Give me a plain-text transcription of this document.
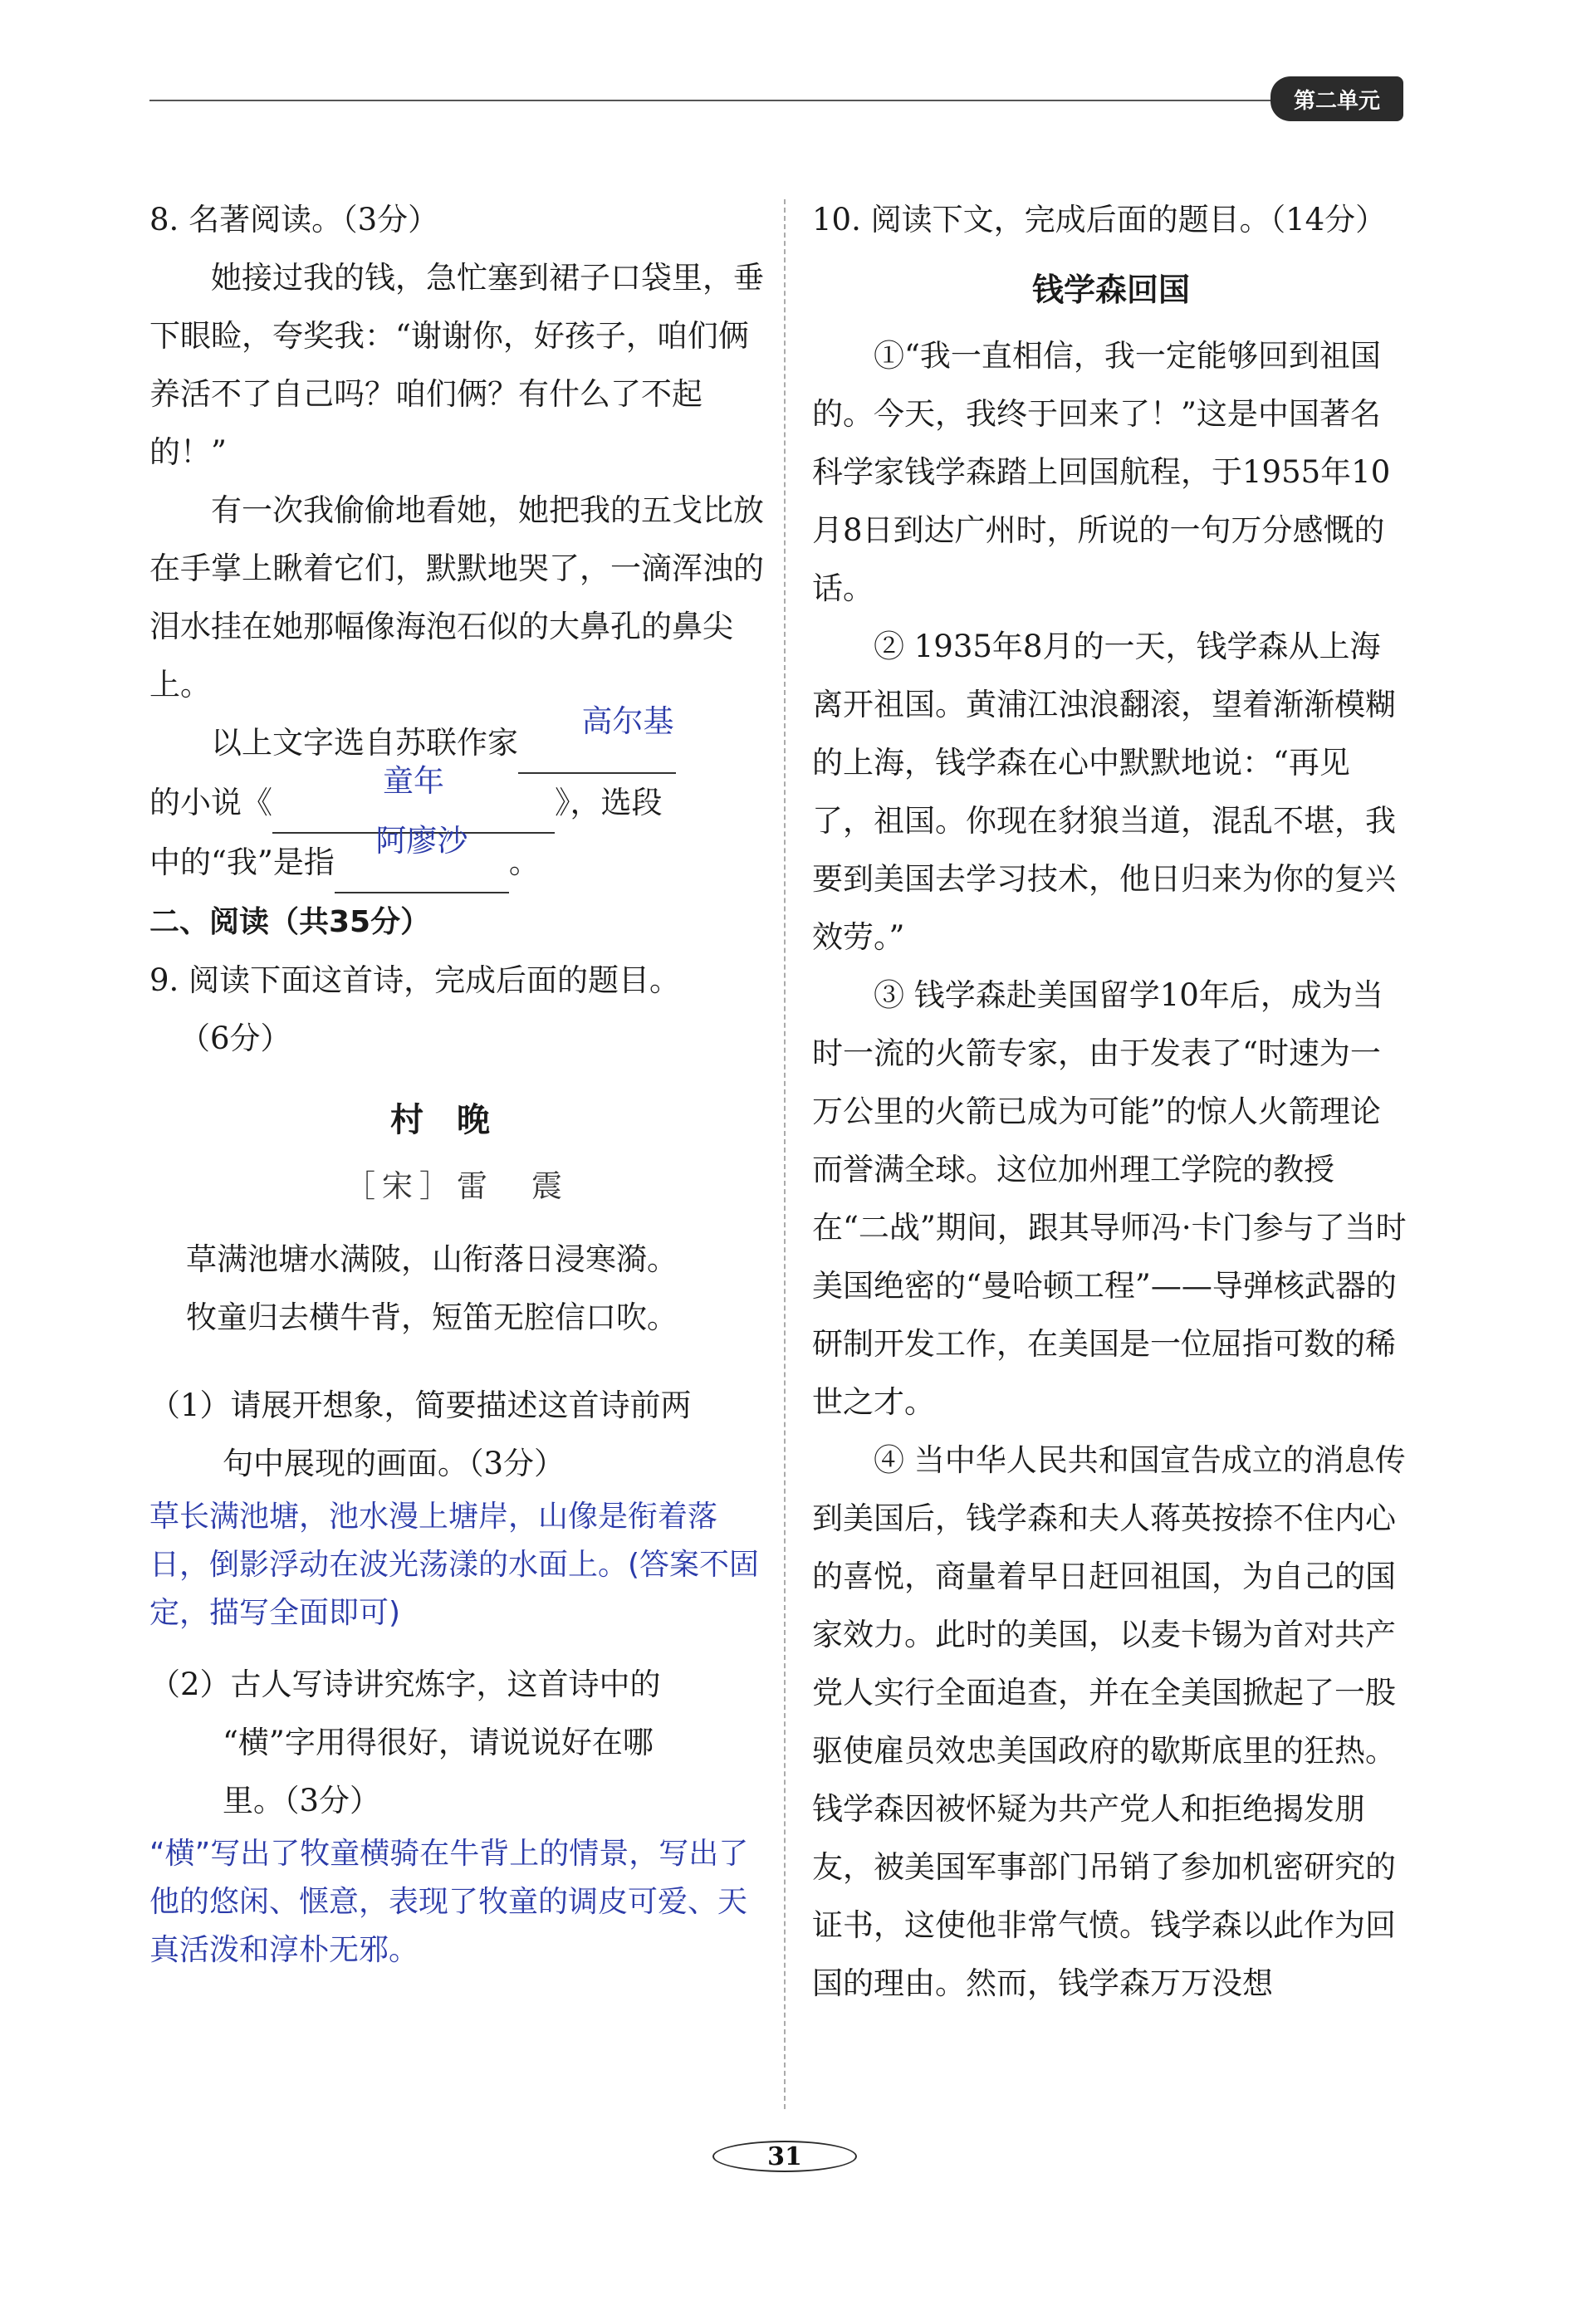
第二单元

8. 名著阅读。（3分）

她接过我的钱，急忙塞到裙子口袋里，垂下眼睑，夸奖我：“谢谢你，好孩子，咱们俩养活不了自己吗？咱们俩？有什么了不起的！”

有一次我偷偷地看她，她把我的五戈比放在手掌上瞅着它们，默默地哭了，一滴浑浊的泪水挂在她那幅像海泡石似的大鼻孔的鼻尖上。

以上文字选自苏联作家
高尔基

的小说《
童年
》，选段

中的“我”是指
阿廖沙
。

二、阅读（共35分）

9. 阅读下面这首诗，完成后面的题目。

（6分）

村晚

［宋］雷　震

草满池塘水满陂，山衔落日浸寒漪。

牧童归去横牛背，短笛无腔信口吹。

（1）请展开想象，简要描述这首诗前两

句中展现的画面。（3分）

草长满池塘，池水漫上塘岸，山像是衔着落日，倒影浮动在波光荡漾的水面上。(答案不固定，描写全面即可)

（2）古人写诗讲究炼字，这首诗中的

“横”字用得很好，请说说好在哪

里。（3分）

“横”写出了牧童横骑在牛背上的情景，写出了他的悠闲、惬意，表现了牧童的调皮可爱、天真活泼和淳朴无邪。

10. 阅读下文，完成后面的题目。（14分）

钱学森回国

①“我一直相信，我一定能够回到祖国的。今天，我终于回来了！”这是中国著名科学家钱学森踏上回国航程，于1955年10月8日到达广州时，所说的一句万分感慨的话。

② 1935年8月的一天，钱学森从上海离开祖国。黄浦江浊浪翻滚，望着渐渐模糊的上海，钱学森在心中默默地说：“再见了，祖国。你现在豺狼当道，混乱不堪，我要到美国去学习技术，他日归来为你的复兴效劳。”

③ 钱学森赴美国留学10年后，成为当时一流的火箭专家，由于发表了“时速为一万公里的火箭已成为可能”的惊人火箭理论而誉满全球。这位加州理工学院的教授在“二战”期间，跟其导师冯·卡门参与了当时美国绝密的“曼哈顿工程”——导弹核武器的研制开发工作，在美国是一位屈指可数的稀世之才。

④ 当中华人民共和国宣告成立的消息传到美国后，钱学森和夫人蒋英按捺不住内心的喜悦，商量着早日赶回祖国，为自己的国家效力。此时的美国，以麦卡锡为首对共产党人实行全面追查，并在全美国掀起了一股驱使雇员效忠美国政府的歇斯底里的狂热。钱学森因被怀疑为共产党人和拒绝揭发朋友，被美国军事部门吊销了参加机密研究的证书，这使他非常气愤。钱学森以此作为回国的理由。然而，钱学森万万没想

31
